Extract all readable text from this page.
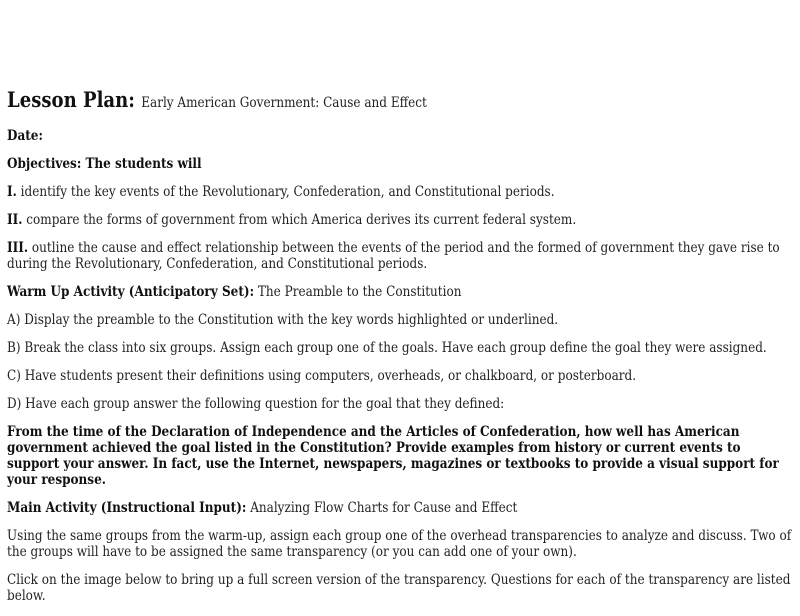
Lesson Plan: Early American Government: Cause and Effect

Date:

Objectives: The students will

I. identify the key events of the Revolutionary, Confederation, and Constitutional periods.

II. compare the forms of government from which America derives its current federal system.

III. outline the cause and effect relationship between the events of the period and the formed of government they gave rise to during the Revolutionary, Confederation, and Constitutional periods.

Warm Up Activity (Anticipatory Set): The Preamble to the Constitution

A) Display the preamble to the Constitution with the key words highlighted or underlined.

B) Break the class into six groups. Assign each group one of the goals. Have each group define the goal they were assigned.

C) Have students present their definitions using computers, overheads, or chalkboard, or posterboard.

D) Have each group answer the following question for the goal that they defined:

From the time of the Declaration of Independence and the Articles of Confederation, how well has American government achieved the goal listed in the Constitution? Provide examples from history or current events to support your answer. In fact, use the Internet, newspapers, magazines or textbooks to provide a visual support for your response.

Main Activity (Instructional Input): Analyzing Flow Charts for Cause and Effect

Using the same groups from the warm-up, assign each group one of the overhead transparencies to analyze and discuss. Two of the groups will have to be assigned the same transparency (or you can add one of your own).

Click on the image below to bring up a full screen version of the transparency. Questions for each of the transparency are listed below.
